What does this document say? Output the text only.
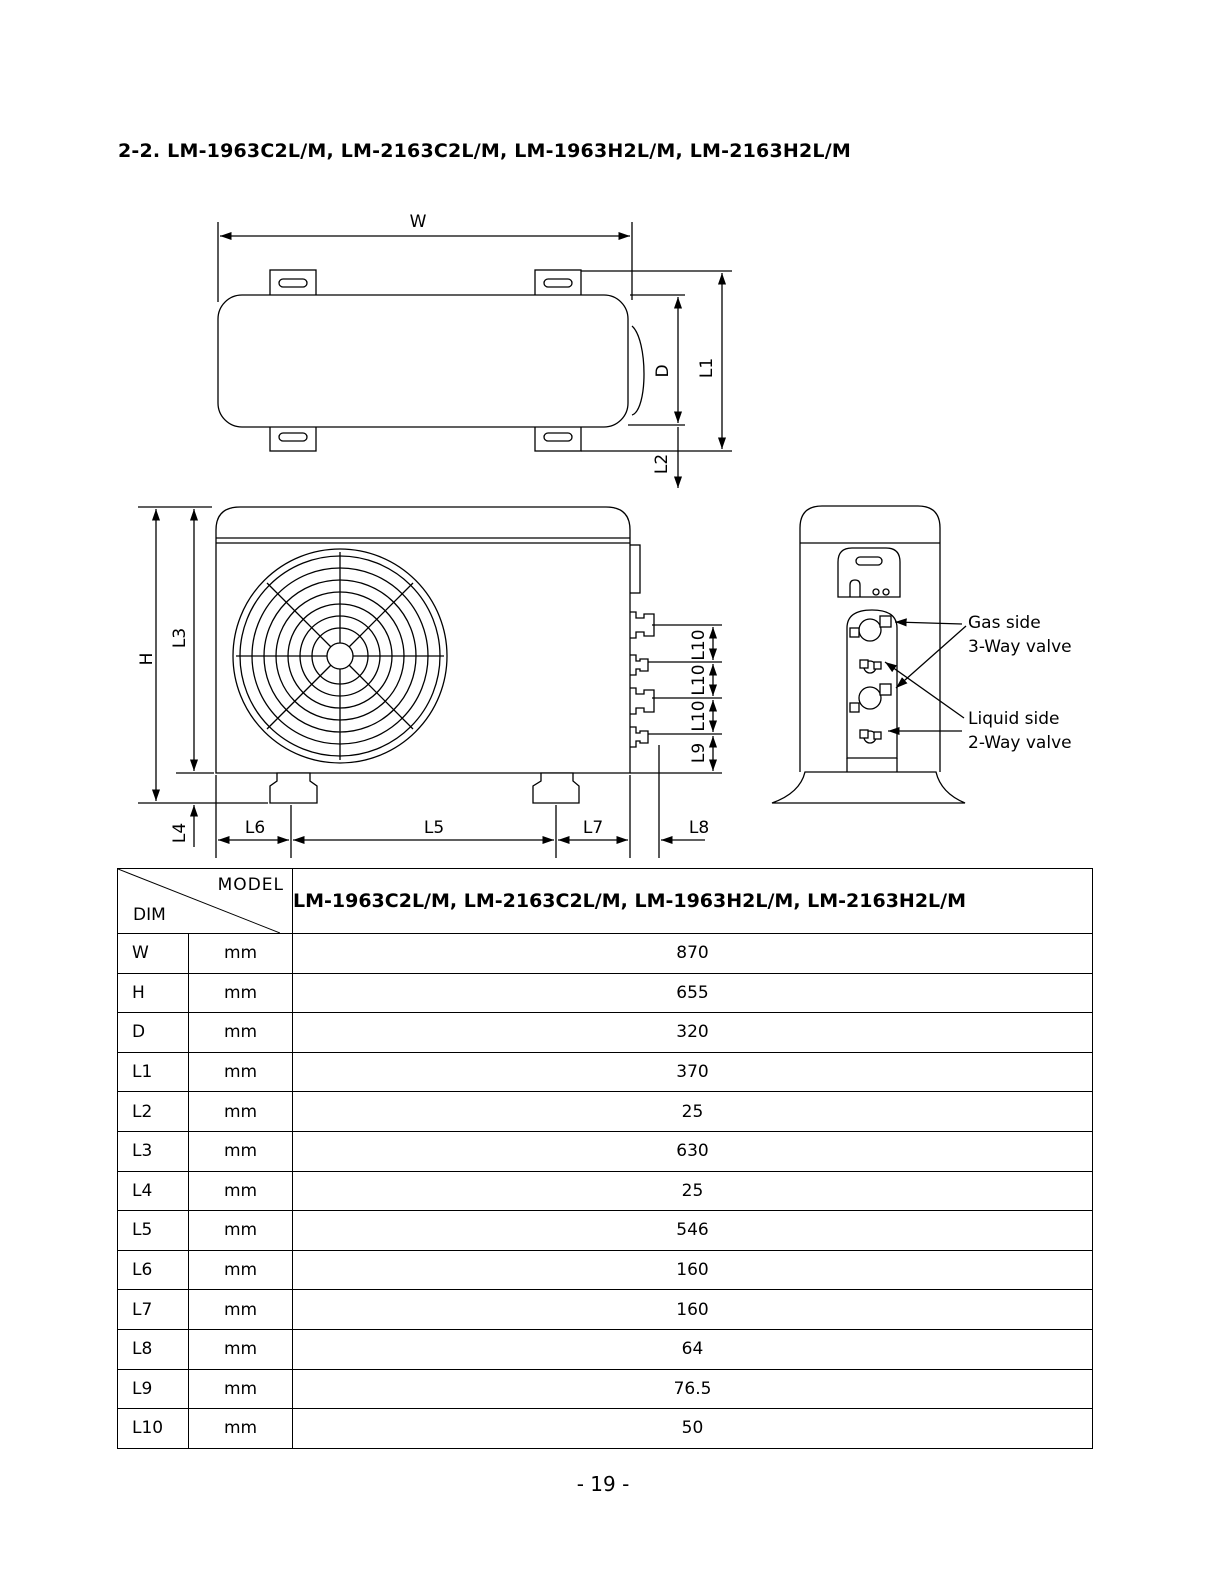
2-2. LM-1963C2L/M, LM-2163C2L/M, LM-1963H2L/M, LM-2163H2L/M
W
D L1
L2
H
L3
L4	L6	L5	L7	L8
L10
L10
L10
L9
Gas side
3-Way valve
Liquid side
2-Way valve
MODEL
DIM		LM-1963C2L/M, LM-2163C2L/M, LM-1963H2L/M, LM-2163H2L/M
W	mm	870
H	mm	655
D	mm	320
L1	mm	370
L2	mm	25
L3	mm	630
L4	mm	25
L5	mm	546
L6	mm	160
L7	mm	160
L8	mm	64
L9	mm	76.5
L10	mm	50
- 19 -
